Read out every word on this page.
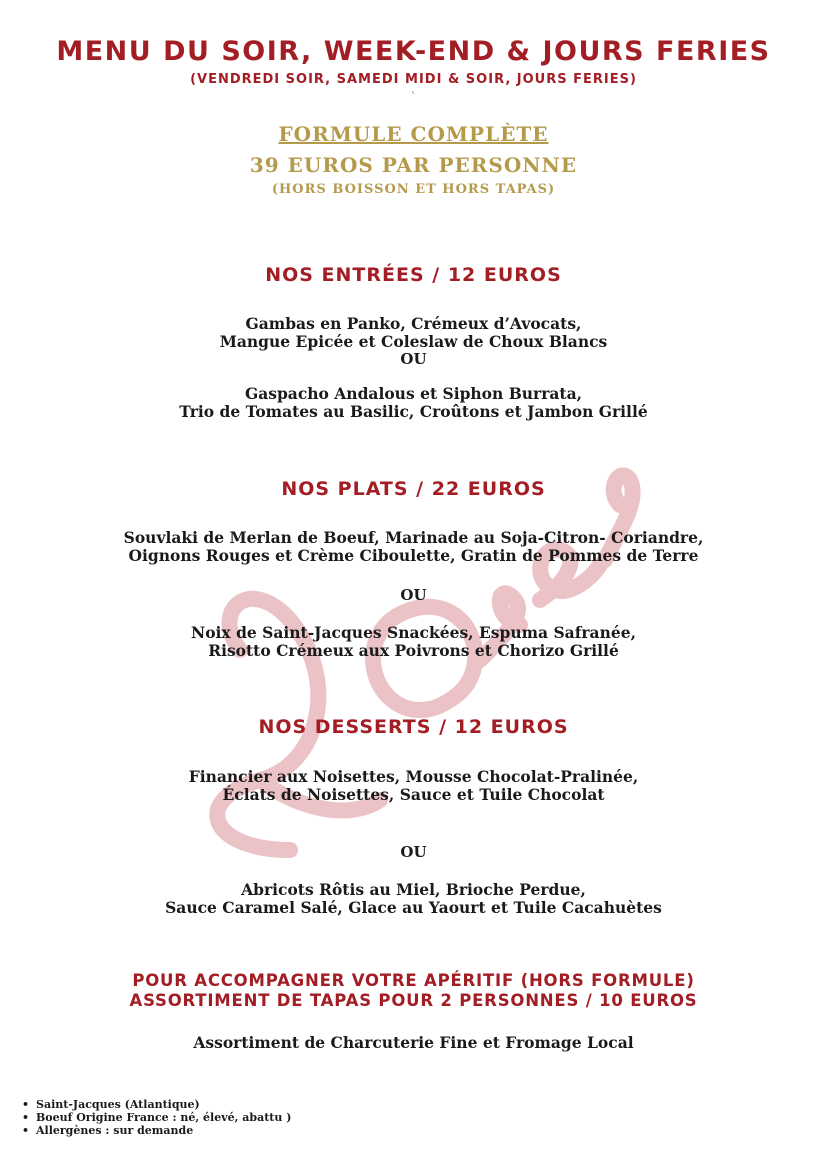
MENU DU SOIR, WEEK-END & JOURS FERIES
(VENDREDI SOIR, SAMEDI MIDI & SOIR, JOURS FERIES)
`
FORMULE COMPLÈTE
39 EUROS PAR PERSONNE
(HORS BOISSON ET HORS TAPAS)
NOS ENTRÉES / 12 EUROS
Gambas en Panko, Crémeux d’Avocats,
Mangue Epicée et Coleslaw de Choux Blancs
OU
Gaspacho Andalous et Siphon Burrata,
Trio de Tomates au Basilic, Croûtons et Jambon Grillé
NOS PLATS / 22 EUROS
Souvlaki de Merlan de Boeuf, Marinade au Soja-Citron- Coriandre,
Oignons Rouges et Crème Ciboulette, Gratin de Pommes de Terre
OU
Noix de Saint-Jacques Snackées, Espuma Safranée,
Risotto Crémeux aux Poivrons et Chorizo Grillé
NOS DESSERTS / 12 EUROS
Financier aux Noisettes, Mousse Chocolat-Pralinée,
Éclats de Noisettes, Sauce et Tuile Chocolat
OU
Abricots Rôtis au Miel, Brioche Perdue,
Sauce Caramel Salé, Glace au Yaourt et Tuile Cacahuètes
POUR ACCOMPAGNER VOTRE APÉRITIF (HORS FORMULE)
ASSORTIMENT DE TAPAS POUR 2 PERSONNES / 10 EUROS
Assortiment de Charcuterie Fine et Fromage Local
• Saint-Jacques (Atlantique)
• Boeuf Origine France : né, élevé, abattu )
• Allergènes : sur demande
